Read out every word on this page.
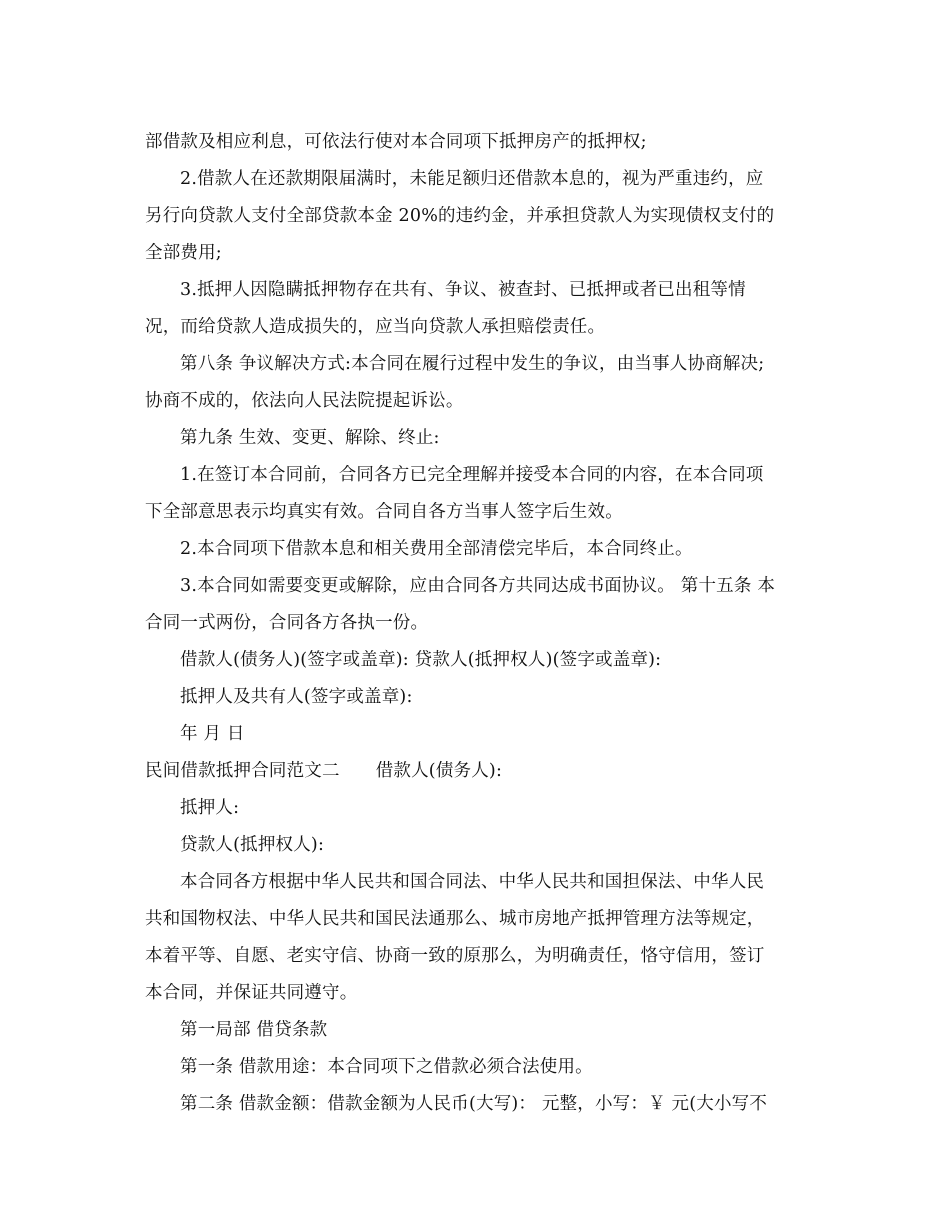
部借款及相应利息，可依法行使对本合同项下抵押房产的抵押权;
2.借款人在还款期限届满时，未能足额归还借款本息的，视为严重违约，应
另行向贷款人支付全部贷款本金 20%的违约金，并承担贷款人为实现债权支付的
全部费用;
3.抵押人因隐瞒抵押物存在共有、争议、被查封、已抵押或者已出租等情
况，而给贷款人造成损失的，应当向贷款人承担赔偿责任。
第八条 争议解决方式:本合同在履行过程中发生的争议，由当事人协商解决;
协商不成的，依法向人民法院提起诉讼。
第九条 生效、变更、解除、终止:
1.在签订本合同前，合同各方已完全理解并接受本合同的内容，在本合同项
下全部意思表示均真实有效。合同自各方当事人签字后生效。
2.本合同项下借款本息和相关费用全部清偿完毕后，本合同终止。
3.本合同如需要变更或解除，应由合同各方共同达成书面协议。 第十五条 本
合同一式两份，合同各方各执一份。
借款人(债务人)(签字或盖章): 贷款人(抵押权人)(签字或盖章):
抵押人及共有人(签字或盖章):
年 月 日
民间借款抵押合同范文二 借款人(债务人):
抵押人:
贷款人(抵押权人):
本合同各方根据中华人民共和国合同法、中华人民共和国担保法、中华人民
共和国物权法、中华人民共和国民法通那么、城市房地产抵押管理方法等规定，
本着平等、自愿、老实守信、协商一致的原那么，为明确责任，恪守信用，签订
本合同，并保证共同遵守。
第一局部 借贷条款
第一条 借款用途：本合同项下之借款必须合法使用。
第二条 借款金额：借款金额为人民币(大写)： 元整，小写：￥ 元(大小写不
